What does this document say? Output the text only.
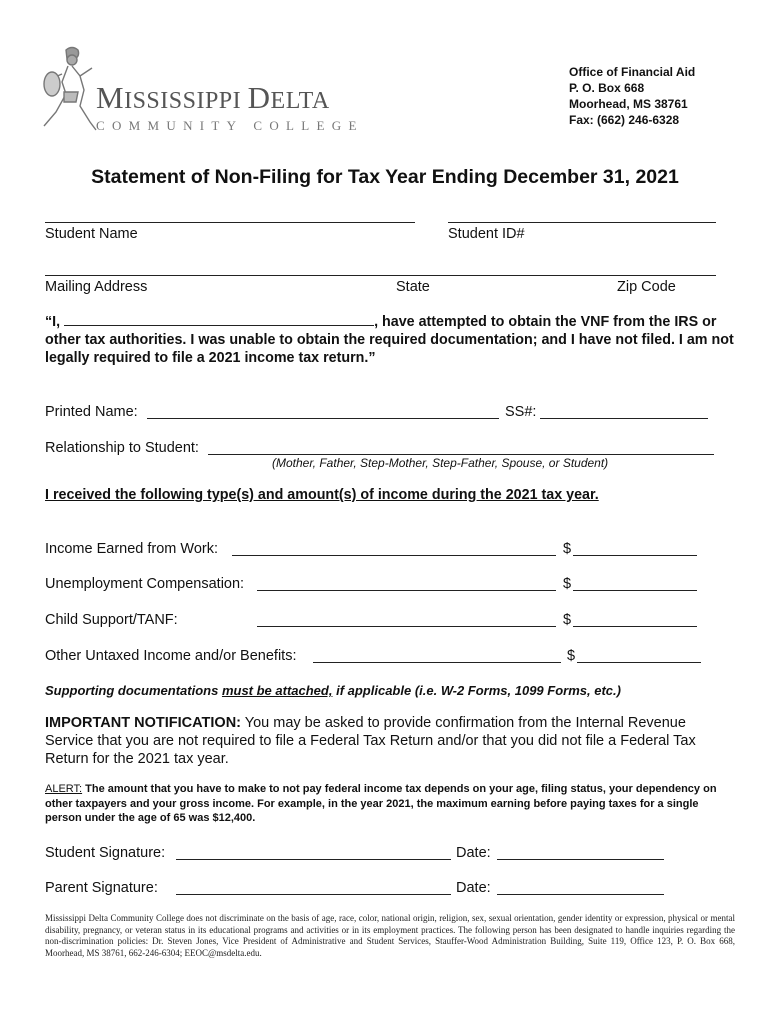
MISSISSIPPI DELTA
COMMUNITY COLLEGE
Office of Financial Aid
P. O. Box 668
Moorhead, MS 38761
Fax: (662) 246-6328
Statement of Non-Filing for Tax Year Ending December 31, 2021
Student Name	Student ID#
Mailing Address	State	Zip Code
“I,	, have attempted to obtain the VNF from the IRS or other tax authorities. I was unable to obtain the required documentation; and I have not filed. I am not legally required to file a 2021 income tax return.”
Printed Name:	SS#:
Relationship to Student:
(Mother, Father, Step-Mother, Step-Father, Spouse, or Student)
I received the following type(s) and amount(s) of income during the 2021 tax year.
Income Earned from Work:	$
Unemployment Compensation:	$
Child Support/TANF:	$
Other Untaxed Income and/or Benefits:	$
Supporting documentations must be attached, if applicable (i.e. W-2 Forms, 1099 Forms, etc.)
IMPORTANT NOTIFICATION: You may be asked to provide confirmation from the Internal Revenue Service that you are not required to file a Federal Tax Return and/or that you did not file a Federal Tax Return for the 2021 tax year.
ALERT: The amount that you have to make to not pay federal income tax depends on your age, filing status, your dependency on other taxpayers and your gross income. For example, in the year 2021, the maximum earning before paying taxes for a single person under the age of 65 was $12,400.
Student Signature:	Date:
Parent Signature:	Date:
Mississippi Delta Community College does not discriminate on the basis of age, race, color, national origin, religion, sex, sexual orientation, gender identity or expression, physical or mental disability, pregnancy, or veteran status in its educational programs and activities or in its employment practices. The following person has been designated to handle inquiries regarding the non-discrimination policies: Dr. Steven Jones, Vice President of Administrative and Student Services, Stauffer-Wood Administration Building, Suite 119, Office 123, P. O. Box 668, Moorhead, MS 38761, 662-246-6304; EEOC@msdelta.edu.
